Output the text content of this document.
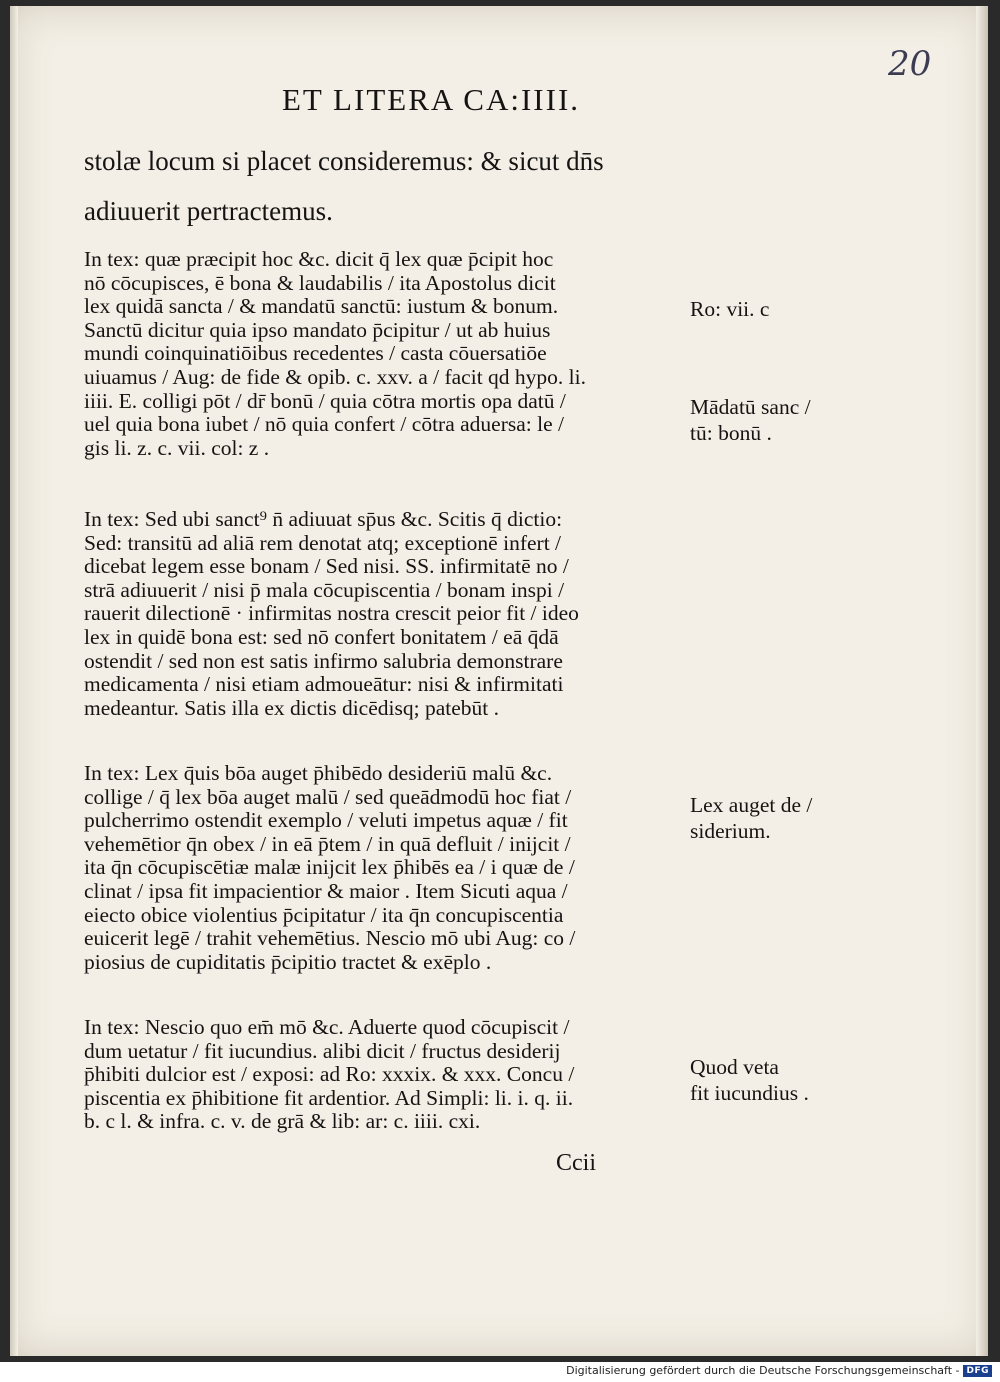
20
ET LITERA CA:IIII.
stolæ locum si placet consideremus: & sicut dn̄s
adiuuerit pertractemus.
In tex: quæ præcipit hoc &c. dicit q̄ lex quæ p̄cipit hoc
nō cōcupisces, ē bona & laudabilis / ita Apostolus dicit
lex quidā sancta / & mandatū sanctū: iustum & bonum.
Sanctū dicitur quia ipso mandato p̄cipitur / ut ab huius
mundi coinquinatiōibus recedentes / casta cōuersatiōe
uiuamus / Aug: de fide & opib. c. xxv. a / facit qd hypo. li.
iiii. E. colligi pōt / dr̄ bonū / quia cōtra mortis opa datū /
uel quia bona iubet / nō quia confert / cōtra aduersa: le /
gis li. z. c. vii. col: z .
In tex: Sed ubi sanct⁹ n̄ adiuuat sp̄us &c. Scitis q̄ dictio:
Sed: transitū ad aliā rem denotat atq; exceptionē infert /
dicebat legem esse bonam / Sed nisi. SS. infirmitatē no /
strā adiuuerit / nisi p̄ mala cōcupiscentia / bonam inspi /
rauerit dilectionē · infirmitas nostra crescit peior fit / ideo
lex in quidē bona est: sed nō confert bonitatem / eā q̄dā
ostendit / sed non est satis infirmo salubria demonstrare
medicamenta / nisi etiam admoueātur: nisi & infirmitati
medeantur. Satis illa ex dictis dicēdisq; patebūt .
In tex: Lex q̄uis bōa auget p̄hibēdo desideriū malū &c.
collige / q̄ lex bōa auget malū / sed queādmodū hoc fiat /
pulcherrimo ostendit exemplo / veluti impetus aquæ / fit
vehemētior q̄n obex / in eā p̄tem / in quā defluit / inijcit /
ita q̄n cōcupiscētiæ malæ inijcit lex p̄hibēs ea / i quæ de /
clinat / ipsa fit impacientior & maior . Item Sicuti aqua /
eiecto obice violentius p̄cipitatur / ita q̄n concupiscentia
euicerit legē / trahit vehemētius. Nescio mō ubi Aug: co /
piosius de cupiditatis p̄cipitio tractet & exēplo .
In tex: Nescio quo em̄ mō &c. Aduerte quod cōcupiscit /
dum uetatur / fit iucundius. alibi dicit / fructus desiderij
p̄hibiti dulcior est / exposi: ad Ro: xxxix. & xxx. Concu /
piscentia ex p̄hibitione fit ardentior. Ad Simpli: li. i. q. ii.
b. c l. & infra. c. v. de grā & lib: ar: c. iiii. cxi.
Ro: vii. c
Mādatū sanc /
tū: bonū .
Lex auget de /
siderium.
Quod veta
fit iucundius .
Ccii
Digitalisierung gefördert durch die Deutsche Forschungsgemeinschaft - DFG
